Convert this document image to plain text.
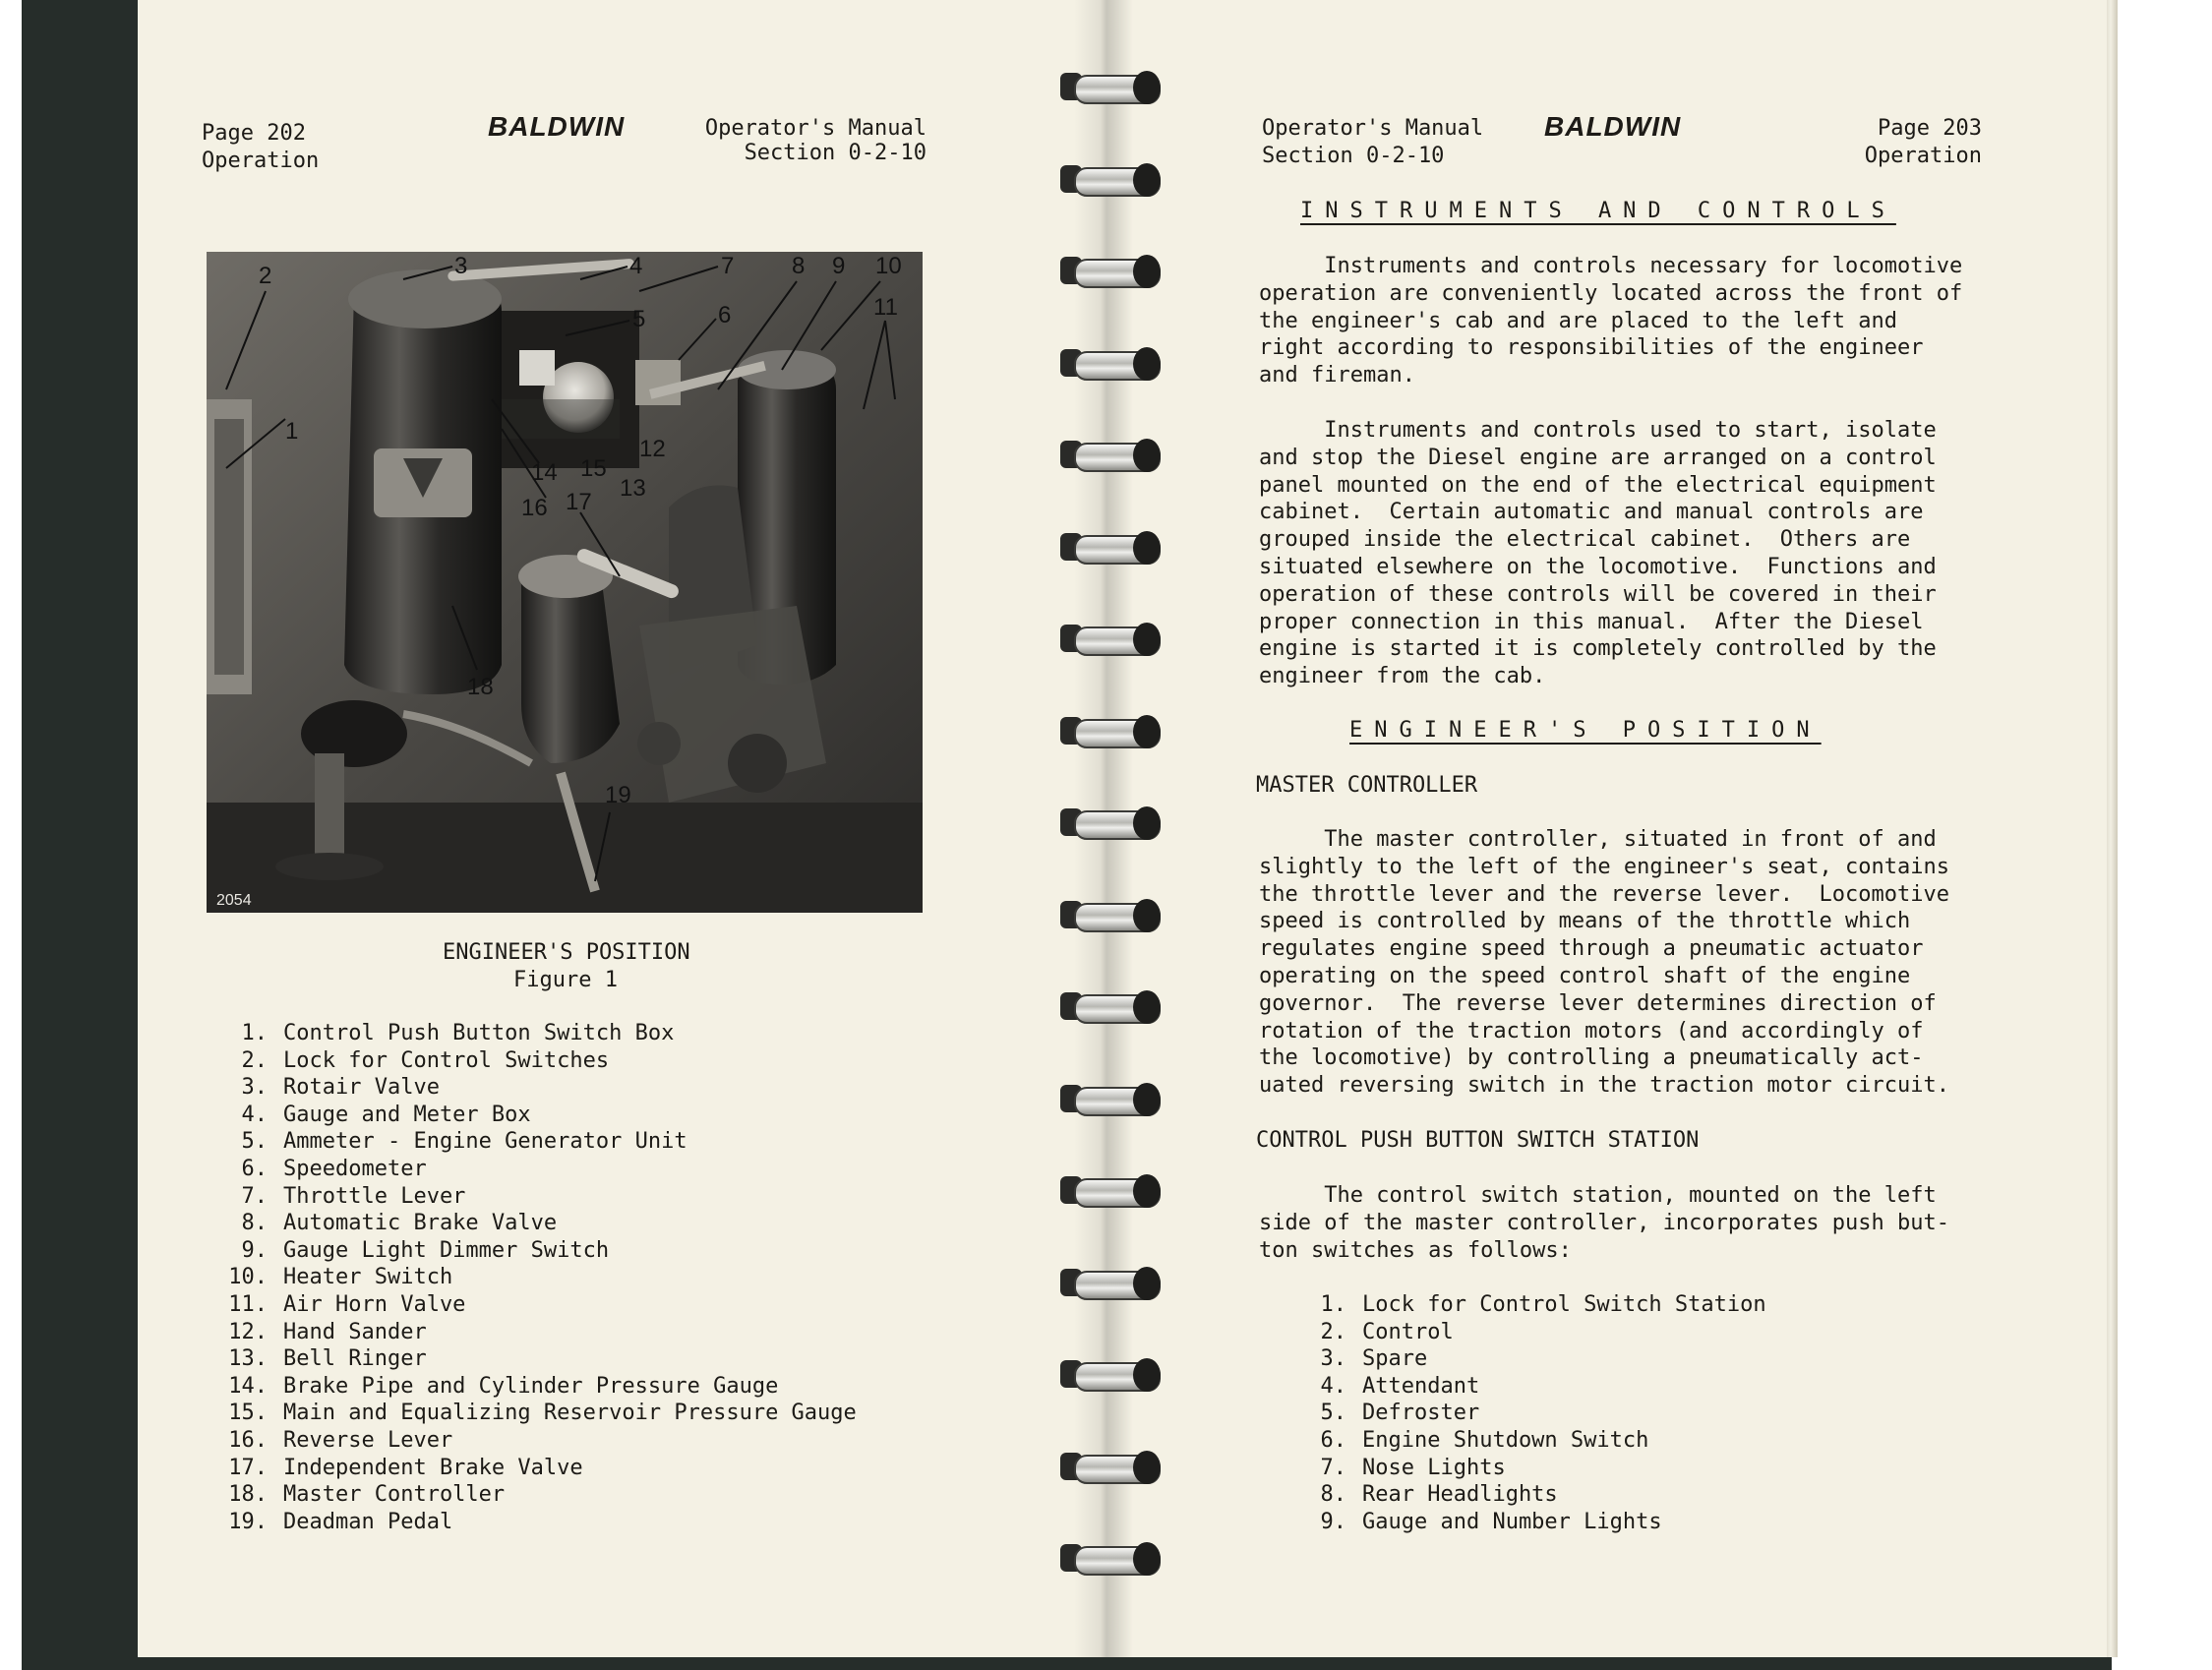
Page 202
Operation
BALDWIN	Operator's Manual
Section 0-2-10
2	3	4
5
7
6
8 9 10
11
12
13
14 15
16 17
18
19
1
2054
ENGINEER'S POSITION
Figure 1
1. Control Push Button Switch Box
2. Lock for Control Switches
3. Rotair Valve
4. Gauge and Meter Box
5. Ammeter - Engine Generator Unit
6. Speedometer
7. Throttle Lever
8. Automatic Brake Valve
9. Gauge Light Dimmer Switch
10. Heater Switch
11. Air Horn Valve
12. Hand Sander
13. Bell Ringer
14. Brake Pipe and Cylinder Pressure Gauge
15. Main and Equalizing Reservoir Pressure Gauge
16. Reverse Lever
17. Independent Brake Valve
18. Master Controller
19. Deadman Pedal
Operator's Manual
Section 0-2-10
BALDWIN	Page 203
Operation
INSTRUMENTS AND CONTROLS

Instruments and controls necessary for locomotive
operation are conveniently located across the front of
the engineer's cab and are placed to the left and
right according to responsibilities of the engineer
and fireman.

Instruments and controls used to start, isolate
and stop the Diesel engine are arranged on a control
panel mounted on the end of the electrical equipment
cabinet.  Certain automatic and manual controls are
grouped inside the electrical cabinet.  Others are
situated elsewhere on the locomotive.  Functions and
operation of these controls will be covered in their
proper connection in this manual.  After the Diesel
engine is started it is completely controlled by the
engineer from the cab.

ENGINEER'S POSITION
MASTER CONTROLLER

The master controller, situated in front of and
slightly to the left of the engineer's seat, contains
the throttle lever and the reverse lever.  Locomotive
speed is controlled by means of the throttle which
regulates engine speed through a pneumatic actuator
operating on the speed control shaft of the engine
governor.  The reverse lever determines direction of
rotation of the traction motors (and accordingly of
the locomotive) by controlling a pneumatically act-
uated reversing switch in the traction motor circuit.

CONTROL PUSH BUTTON SWITCH STATION

The control switch station, mounted on the left
side of the master controller, incorporates push but-
ton switches as follows:

1. Lock for Control Switch Station
2. Control
3. Spare
4. Attendant
5. Defroster
6. Engine Shutdown Switch
7. Nose Lights
8. Rear Headlights
9. Gauge and Number Lights
